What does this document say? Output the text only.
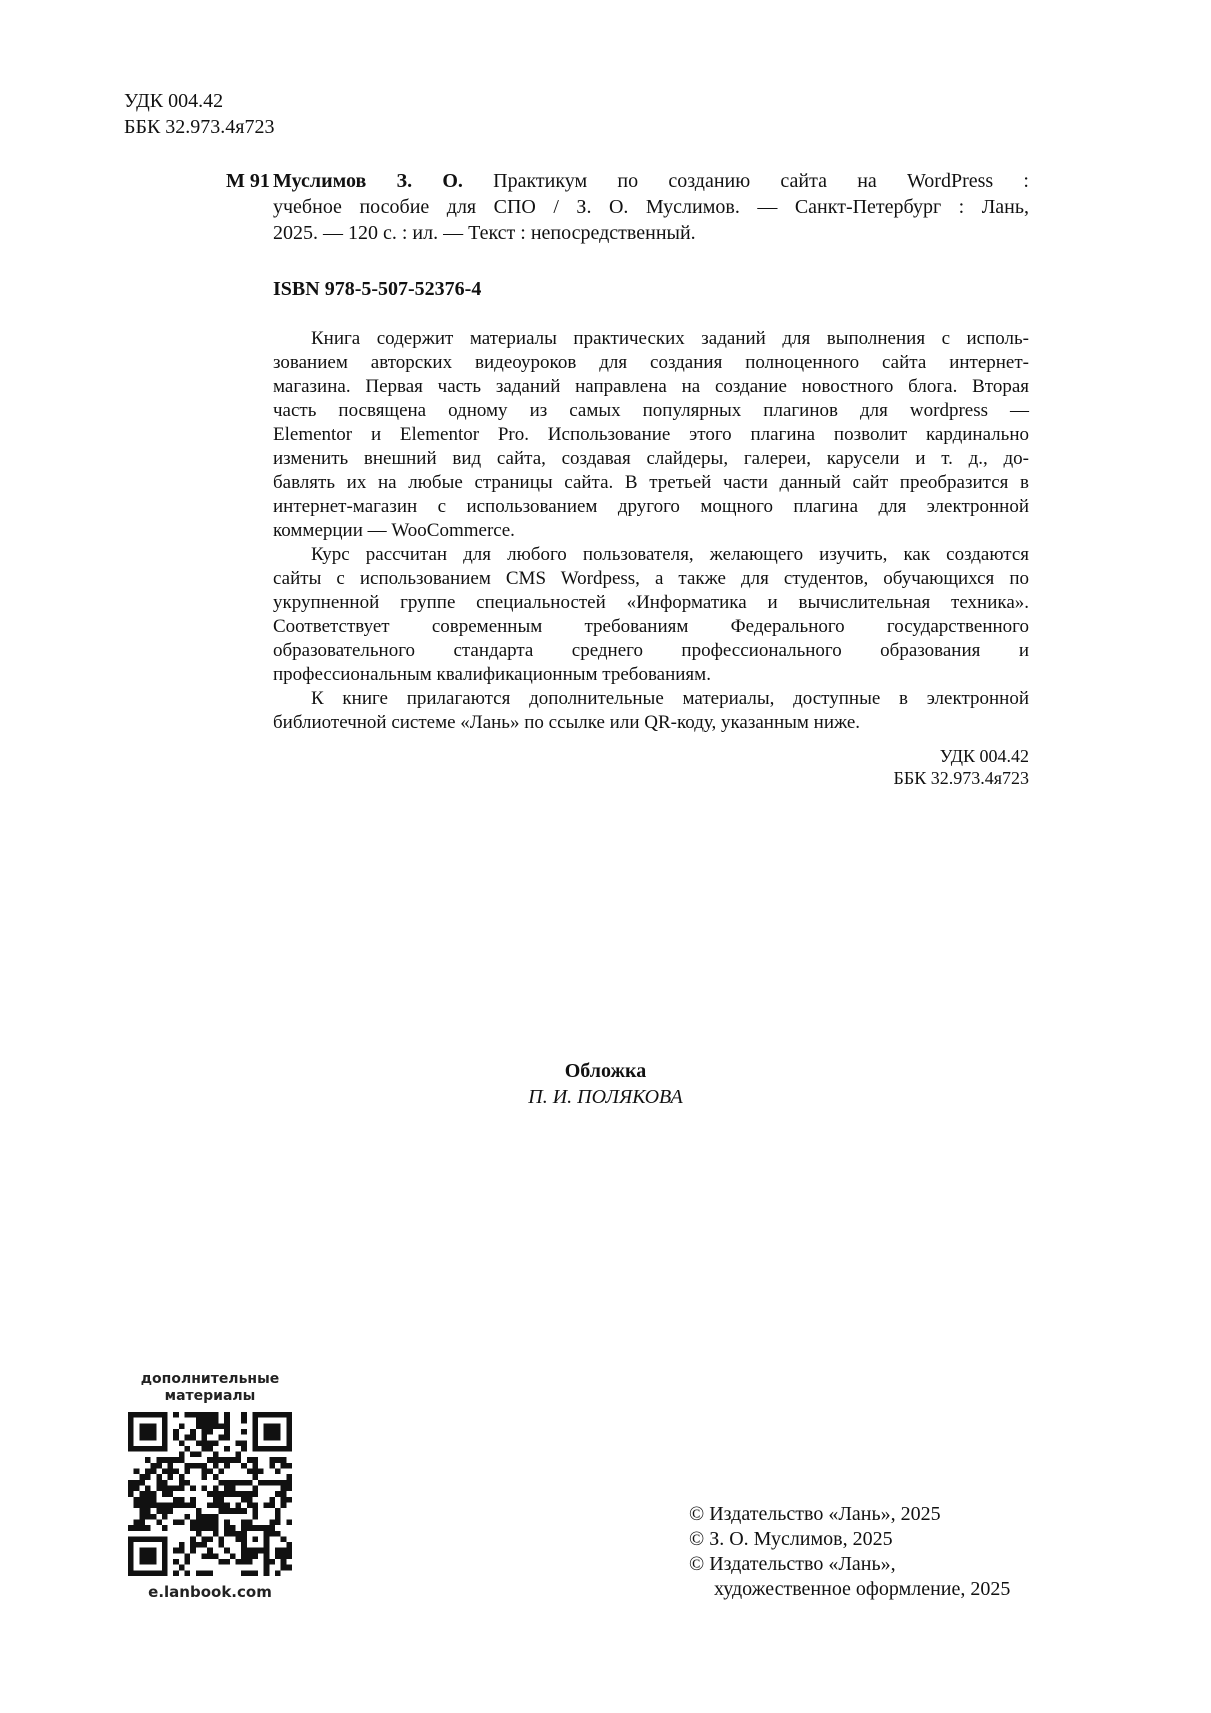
УДК 004.42
ББК 32.973.4я723
М 91 Муслимов З. О. Практикум по созданию сайта на WordPress :
учебное пособие для СПО / З. О. Муслимов. — Санкт-Петербург : Лань,
2025. — 120 с. : ил. — Текст : непосредственный.
ISBN 978-5-507-52376-4
Книга содержит материалы практических заданий для выполнения с исполь-
зованием авторских видеоуроков для создания полноценного сайта интернет-
магазина. Первая часть заданий направлена на создание новостного блога. Вторая
часть посвящена одному из самых популярных плагинов для wordpress —
Elementor и Elementor Pro. Использование этого плагина позволит кардинально
изменить внешний вид сайта, создавая слайдеры, галереи, карусели и т. д., до-
бавлять их на любые страницы сайта. В третьей части данный сайт преобразится в
интернет-магазин с использованием другого мощного плагина для электронной
коммерции — WooCommerce.
Курс рассчитан для любого пользователя, желающего изучить, как создаются
сайты с использованием CMS Wordpess, а также для студентов, обучающихся по
укрупненной группе специальностей «Информатика и вычислительная техника».
Соответствует современным требованиям Федерального государственного
образовательного стандарта среднего профессионального образования и
профессиональным квалификационным требованиям.
К книге прилагаются дополнительные материалы, доступные в электронной
библиотечной системе «Лань» по ссылке или QR-коду, указанным ниже.
УДК 004.42
ББК 32.973.4я723
Обложка
П. И. ПОЛЯКОВА
дополнительные
материалы
e.lanbook.com
© Издательство «Лань», 2025
© З. О. Муслимов, 2025
© Издательство «Лань»,
художественное оформление, 2025
